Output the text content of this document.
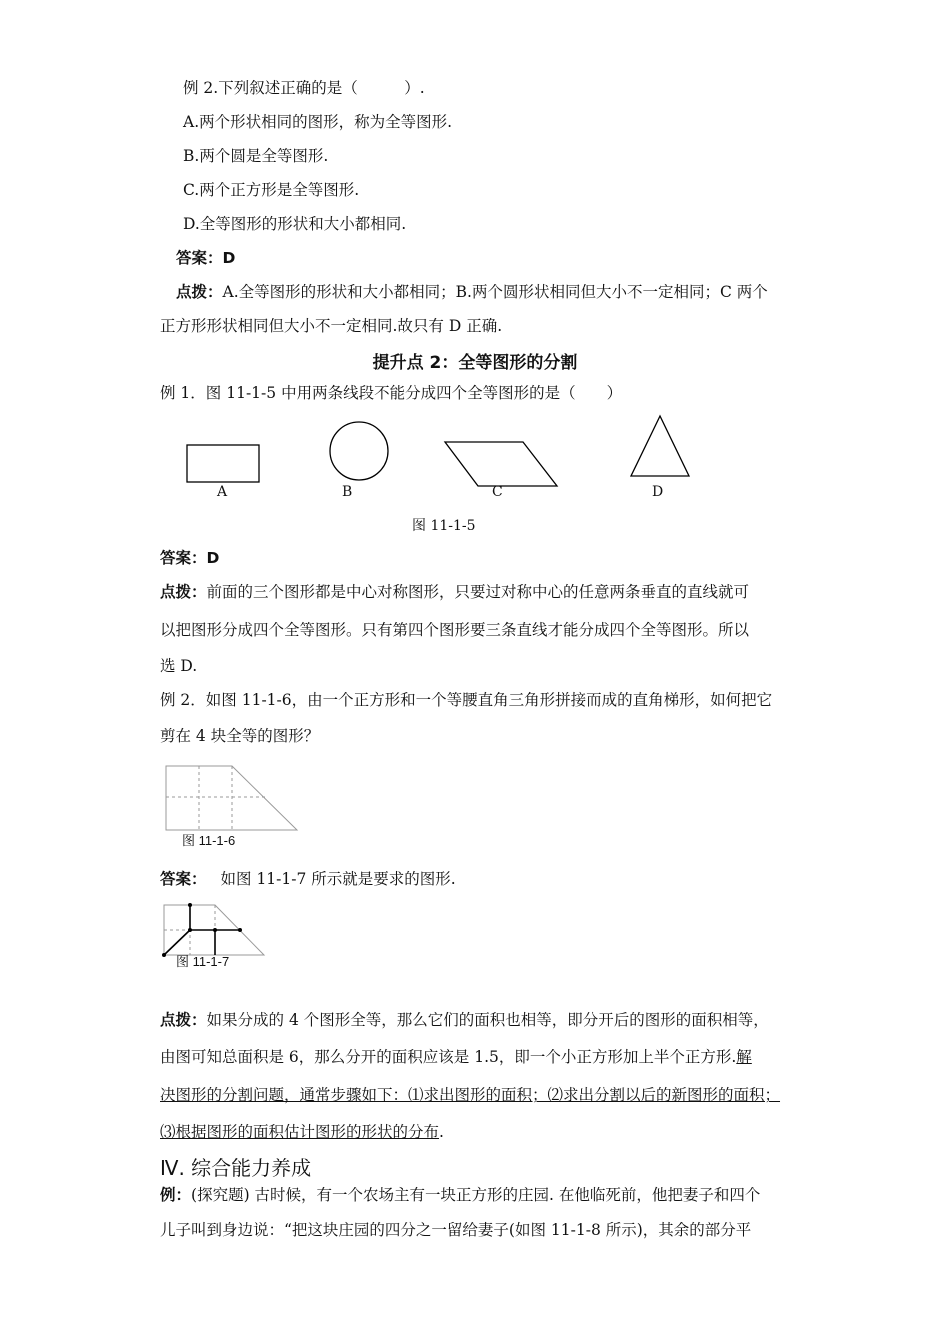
例 2.下列叙述正确的是（　　　）.
A.两个形状相同的图形，称为全等图形.
B.两个圆是全等图形.
C.两个正方形是全等图形.
D.全等图形的形状和大小都相同.
答案：D
点拨：A.全等图形的形状和大小都相同；B.两个圆形状相同但大小不一定相同；C 两个
正方形形状相同但大小不一定相同.故只有 D 正确.
提升点 2：全等图形的分割
例 1．图 11-1-5 中用两条线段不能分成四个全等图形的是（　　）
A	B	C	D
图 11-1-5
答案：D
点拨：前面的三个图形都是中心对称图形，只要过对称中心的任意两条垂直的直线就可
以把图形分成四个全等图形。只有第四个图形要三条直线才能分成四个全等图形。所以
选 D.
例 2．如图 11-1-6，由一个正方形和一个等腰直角三角形拼接而成的直角梯形，如何把它
剪在 4 块全等的图形？
图 11-1-6
答案： 如图 11-1-7 所示就是要求的图形.
图 11-1-7
点拨：如果分成的 4 个图形全等，那么它们的面积也相等，即分开后的图形的面积相等，
由图可知总面积是 6，那么分开的面积应该是 1.5，即一个小正方形加上半个正方形.解
决图形的分割问题，通常步骤如下：⑴求出图形的面积；⑵求出分割以后的新图形的面积；
⑶根据图形的面积估计图形的形状的分布.
Ⅳ. 综合能力养成
例：(探究题) 古时候，有一个农场主有一块正方形的庄园. 在他临死前，他把妻子和四个
儿子叫到身边说：“把这块庄园的四分之一留给妻子(如图 11-1-8 所示)，其余的部分平
